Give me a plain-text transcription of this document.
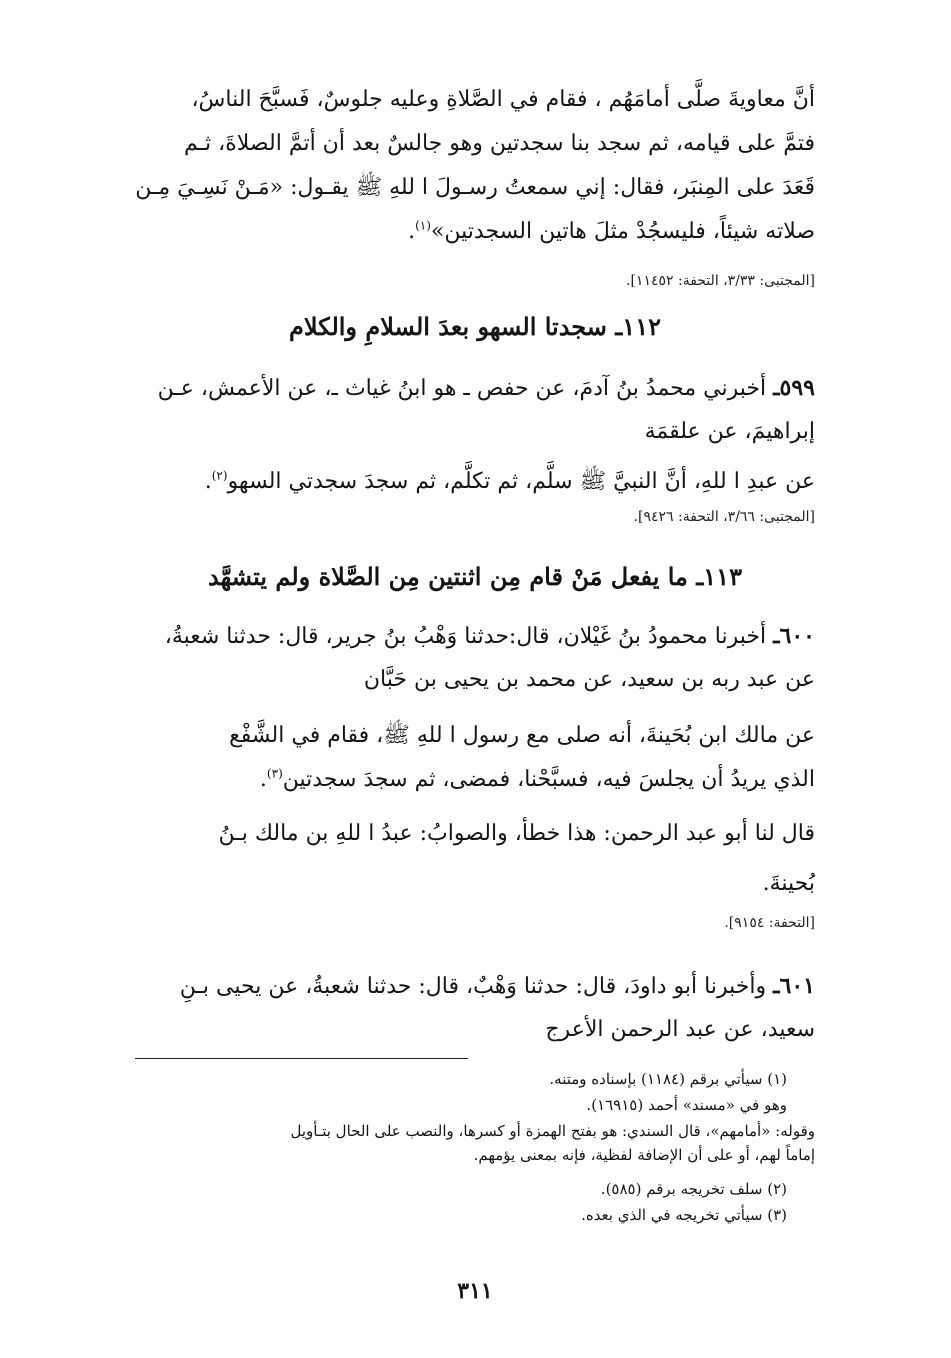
أنَّ معاويةَ صلَّى أمامَهُم ، فقام في الصَّلاةِ وعليه جلوسٌ، فَسبَّحَ الناسُ،
فتمَّ على قيامه، ثم سجد بنا سجدتين وهو جالسٌ بعد أن أتمَّ الصلاةَ، ثـم
قَعَدَ على المِنبَر، فقال: إني سمعتُ رسـولَ ا للهِ ﷺ يقـول: «مَـنْ نَسِـيَ مِـن
صلاته شيئاً، فليسجُدْ مثلَ هاتين السجدتين»$^{(١)}$.
[المجتبى: ٣/٣٣، التحفة: ١١٤٥٢].
١١٢ـ سجدتا السهو بعدَ السلامِ والكلام
٥٩٩ـ أخبرني محمدُ بنُ آدمَ، عن حفص ـ هو ابنُ غياث ـ، عن الأعمش، عـن
إبراهيمَ، عن علقمَة
عن عبدِ ا للهِ، أنَّ النبيَّ ﷺ سلَّم، ثم تكلَّم، ثم سجدَ سجدتي السهو$^{(٢)}$.
[المجتبى: ٣/٦٦، التحفة: ٩٤٢٦].
١١٣ـ ما يفعل مَنْ قام مِن اثنتين مِن الصَّلاة ولم يتشهَّد
٦٠٠ـ أخبرنا محمودُ بنُ غَيْلان، قال:حدثنا وَهْبُ بنُ جرير، قال: حدثنا شعبةُ،
عن عبد ربه بن سعيد، عن محمد بن يحيى بن حَبَّان
عن مالك ابن بُحَينةَ، أنه صلى مع رسول ا للهِ ﷺ، فقام في الشَّفْع
الذي يريدُ أن يجلسَ فيه، فسبَّحْنا، فمضى، ثم سجدَ سجدتين$^{(٣)}$.
قال لنا أبو عبد الرحمن: هذا خطأ، والصوابُ: عبدُ ا للهِ بن مالك بـنُ
بُحينةَ.
[التحفة: ٩١٥٤].
٦٠١ـ وأخبرنا أبو داودَ، قال: حدثنا وَهْبٌ، قال: حدثنا شعبةُ، عن يحيى بـنِ
سعيد، عن عبد الرحمن الأعرج
(١) سيأتي برقم (١١٨٤) بإسناده ومتنه.
وهو في «مسند» أحمد (١٦٩١٥).
وقوله: «أمامهم»، قال السندي: هو بفتح الهمزة أو كسرها، والنصب على الحال بتـأويل
إماماً لهم، أو على أن الإضافة لفظية، فإنه بمعنى يؤمهم.
(٢) سلف تخريجه برقم (٥٨٥).
(٣) سيأتي تخريجه في الذي بعده.
٣١١
